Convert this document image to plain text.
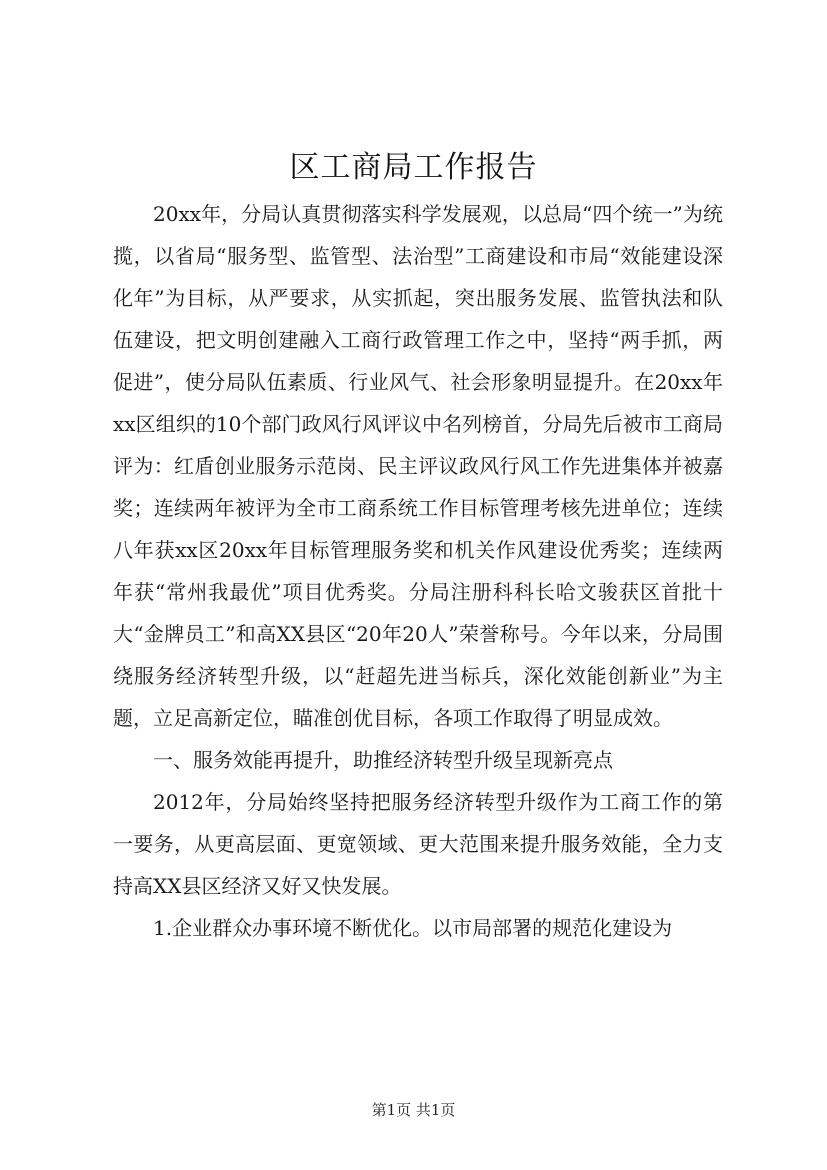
区工商局工作报告

20xx年，分局认真贯彻落实科学发展观，以总局“四个统一”为统揽，以省局“服务型、监管型、法治型”工商建设和市局“效能建设深化年”为目标，从严要求，从实抓起，突出服务发展、监管执法和队伍建设，把文明创建融入工商行政管理工作之中，坚持“两手抓，两促进”，使分局队伍素质、行业风气、社会形象明显提升。在20xx年xx区组织的10个部门政风行风评议中名列榜首，分局先后被市工商局评为：红盾创业服务示范岗、民主评议政风行风工作先进集体并被嘉奖；连续两年被评为全市工商系统工作目标管理考核先进单位；连续八年获xx区20xx年目标管理服务奖和机关作风建设优秀奖；连续两年获“常州我最优”项目优秀奖。分局注册科科长哈文骏获区首批十大“金牌员工”和高XX县区“20年20人”荣誉称号。今年以来，分局围绕服务经济转型升级，以“赶超先进当标兵，深化效能创新业”为主题，立足高新定位，瞄准创优目标，各项工作取得了明显成效。

一、服务效能再提升，助推经济转型升级呈现新亮点

2012年，分局始终坚持把服务经济转型升级作为工商工作的第一要务，从更高层面、更宽领域、更大范围来提升服务效能，全力支持高XX县区经济又好又快发展。

1.企业群众办事环境不断优化。以市局部署的规范化建设为

第1页 共1页
